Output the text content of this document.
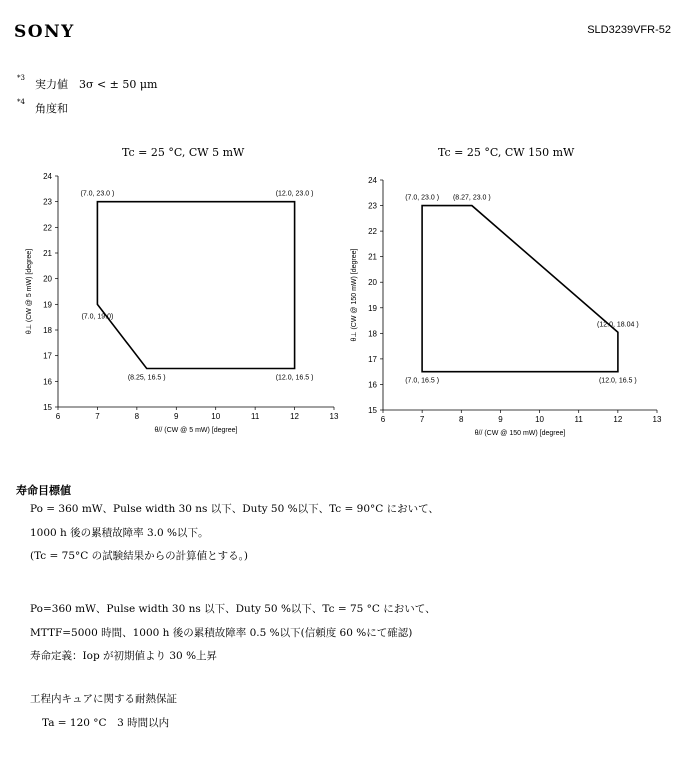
SONY	SLD3239VFR-52
$^{*3}$ 実力値　3σ < ± 50 μm
$^{*4}$ 角度和
Tc = 25 °C, CW 5 mW	Tc = 25 °C, CW 150 mW
6	7	8	9	10	11	12	13
15
16
17
18
19
20
21
22
23
24
(7.0, 23.0 )	(12.0, 23.0 )
(12.0, 16.5 )
(8.25, 16.5 )
(7.0, 19.0)
θ// (CW @ 5 mW) [degree]
θ⊥ (CW @ 5 mW) [degree]
6	7	8	9	10	11	12	13
15
16
17
18
19
20
21
22
23
24
(7.0, 23.0 ) (8.27, 23.0 )
(12.0, 18.04 )
(12.0, 16.5 )
(7.0, 16.5 )
θ// (CW @ 150 mW) [degree]
θ⊥ (CW @ 150 mW) [degree]
寿命目標値
Po = 360 mW、Pulse width 30 ns 以下、Duty 50 %以下、Tc = 90°C において、
1000 h 後の累積故障率 3.0 %以下。
(Tc = 75°C の試験結果からの計算値とする。)
Po=360 mW、Pulse width 30 ns 以下、Duty 50 %以下、Tc = 75 °C において、
MTTF=5000 時間、1000 h 後の累積故障率 0.5 %以下(信頼度 60 %にて確認)
寿命定義：Iop が初期値より 30 %上昇
工程内キュアに関する耐熱保証
Ta = 120 °C　3 時間以内
